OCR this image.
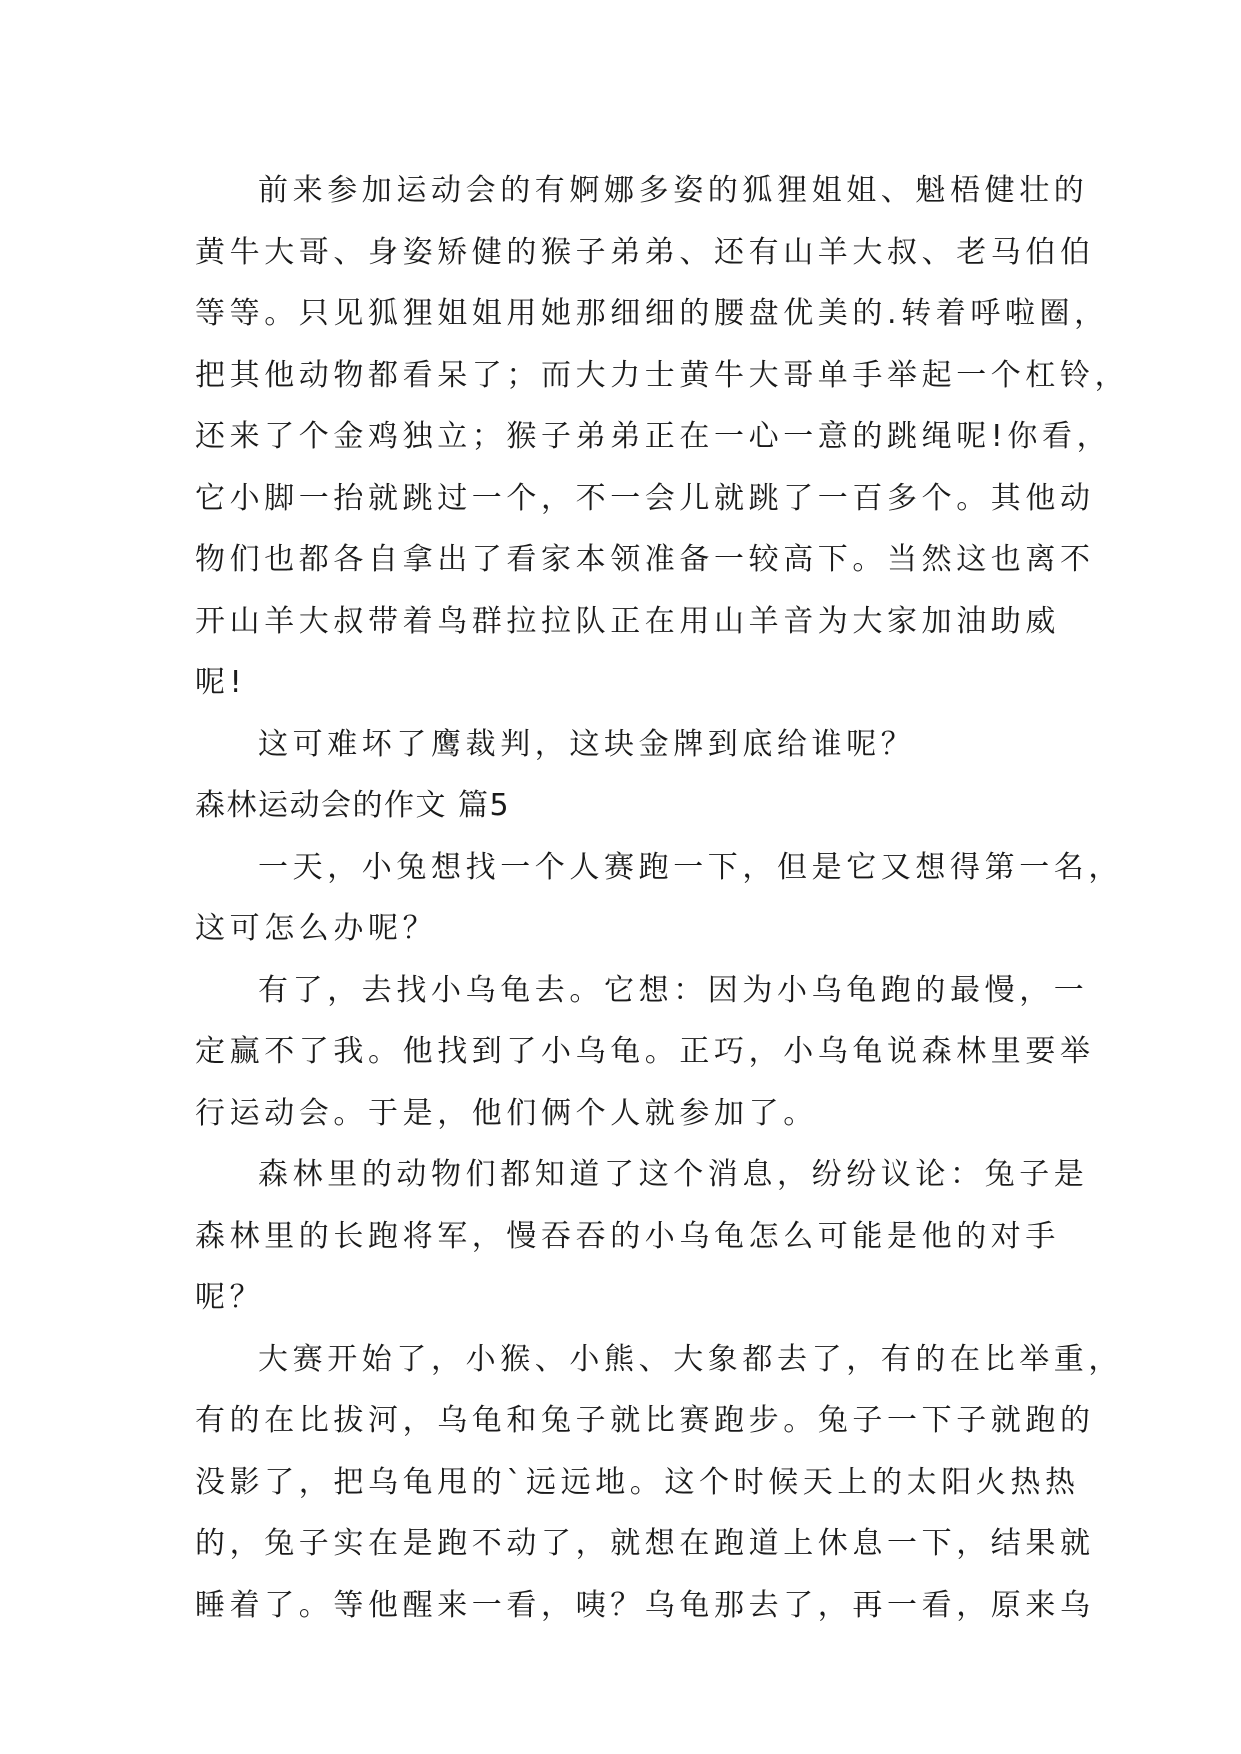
前来参加运动会的有婀娜多姿的狐狸姐姐、魁梧健壮的
黄牛大哥、身姿矫健的猴子弟弟、还有山羊大叔、老马伯伯
等等。只见狐狸姐姐用她那细细的腰盘优美的.转着呼啦圈，
把其他动物都看呆了；而大力士黄牛大哥单手举起一个杠铃，
还来了个金鸡独立；猴子弟弟正在一心一意的跳绳呢!你看，
它小脚一抬就跳过一个，不一会儿就跳了一百多个。其他动
物们也都各自拿出了看家本领准备一较高下。当然这也离不
开山羊大叔带着鸟群拉拉队正在用山羊音为大家加油助威
呢!
这可难坏了鹰裁判，这块金牌到底给谁呢？
森林运动会的作文 篇5
一天，小兔想找一个人赛跑一下，但是它又想得第一名，
这可怎么办呢？
有了，去找小乌龟去。它想：因为小乌龟跑的最慢，一
定赢不了我。他找到了小乌龟。正巧，小乌龟说森林里要举
行运动会。于是，他们俩个人就参加了。
森林里的动物们都知道了这个消息，纷纷议论：兔子是
森林里的长跑将军，慢吞吞的小乌龟怎么可能是他的对手
呢？
大赛开始了，小猴、小熊、大象都去了，有的在比举重，
有的在比拔河，乌龟和兔子就比赛跑步。兔子一下子就跑的
没影了，把乌龟甩的`远远地。这个时候天上的太阳火热热
的，兔子实在是跑不动了，就想在跑道上休息一下，结果就
睡着了。等他醒来一看，咦？乌龟那去了，再一看，原来乌
